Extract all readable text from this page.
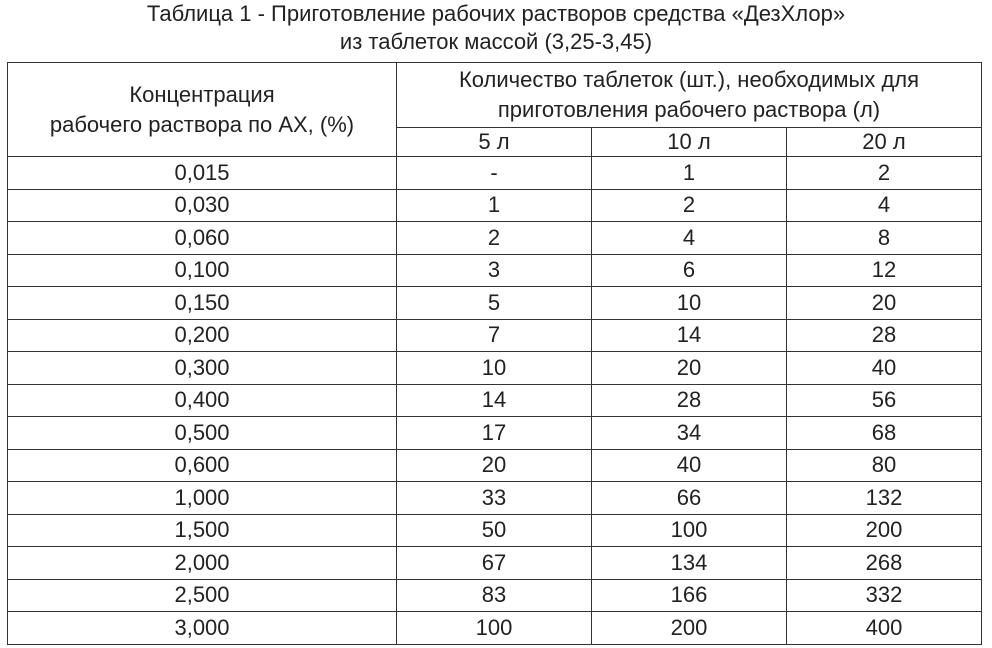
Таблица 1 - Приготовление рабочих растворов средства «ДезХлор»
из таблеток массой (3,25-3,45)
Концентрация
рабочего раствора по АХ, (%)	Количество таблеток (шт.), необходимых для
приготовления рабочего раствора (л)		
	5 л	10 л	20 л
0,015	-	1	2
0,030	1	2	4
0,060	2	4	8
0,100	3	6	12
0,150	5	10	20
0,200	7	14	28
0,300	10	20	40
0,400	14	28	56
0,500	17	34	68
0,600	20	40	80
1,000	33	66	132
1,500	50	100	200
2,000	67	134	268
2,500	83	166	332
3,000	100	200	400
